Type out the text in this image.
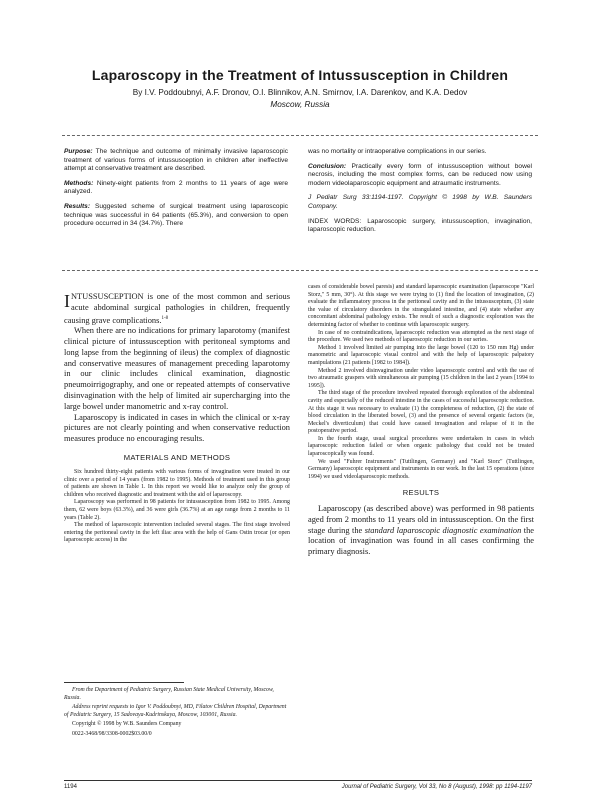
Laparoscopy in the Treatment of Intussusception in Children
By I.V. Poddoubnyi, A.F. Dronov, O.I. Blinnikov, A.N. Smirnov, I.A. Darenkov, and K.A. Dedov
Moscow, Russia

Purpose: The technique and outcome of minimally invasive laparoscopic treatment of various forms of intussusception in children after ineffective attempt at conservative treatment are described.

Methods: Ninety-eight patients from 2 months to 11 years of age were analyzed.

Results: Suggested scheme of surgical treatment using laparoscopic technique was successful in 64 patients (65.3%), and conversion to open procedure occurred in 34 (34.7%). There

was no mortality or intraoperative complications in our series.

Conclusion: Practically every form of intussusception without bowel necrosis, including the most complex forms, can be reduced now using modern videolaparoscopic equipment and atraumatic instruments.

J Pediatr Surg 33:1194-1197. Copyright © 1998 by W.B. Saunders Company.

INDEX WORDS: Laparoscopic surgery, intussusception, invagination, laparoscopic reduction.

INTUSSUSCEPTION is one of the most common and serious acute abdominal surgical pathologies in children, frequently causing grave complications.$^{1-8}$

When there are no indications for primary laparotomy (manifest clinical picture of intussusception with peritoneal symptoms and long lapse from the beginning of ileus) the complex of diagnostic and conservative measures of management preceding laparotomy in our clinic includes clinical examination, diagnostic pneumoirrigography, and one or repeated attempts of conservative disinvagination with the help of limited air supercharging into the large bowel under manometric and x-ray control.

Laparoscopy is indicated in cases in which the clinical or x-ray pictures are not clearly pointing and when conservative reduction measures produce no encouraging results.

MATERIALS AND METHODS

Six hundred thirty-eight patients with various forms of invagination were treated in our clinic over a period of 14 years (from 1982 to 1995). Methods of treatment used in this group of patients are shown in Table 1. In this report we would like to analyze only the group of children who received diagnostic and treatment with the aid of laparoscopy.

Laparoscopy was performed in 98 patients for intussusception from 1982 to 1995. Among them, 62 were boys (63.3%), and 36 were girls (36.7%) at an age range from 2 months to 11 years (Table 2).

The method of laparoscopic intervention included several stages. The first stage involved entering the peritoneal cavity in the left iliac area with the help of Gans Ostin trocar (or open laparoscopic access) in the

From the Department of Pediatric Surgery, Russian State Medical University, Moscow, Russia.

Address reprint requests to Igor V. Poddoubnyi, MD, Filatov Children Hospital, Department of Pediatric Surgery, 15 Sadovaya-Kudrinskaya, Moscow, 103001, Russia.

Copyright © 1998 by W.B. Saunders Company

0022-3468/98/3308-0002$03.00/0

cases of considerable bowel paresis) and standard laparoscopic examination (laparoscope "Karl Storz," 5 mm, 30°). At this stage we were trying to (1) find the location of invagination, (2) evaluate the inflammatory process in the peritoneal cavity and in the intussusceptum, (3) state the value of circulatory disorders in the strangulated intestine, and (4) state whether any concomitant abdominal pathology exists. The result of such a diagnostic exploration was the determining factor of whether to continue with laparoscopic surgery.

In case of no contraindications, laparoscopic reduction was attempted as the next stage of the procedure. We used two methods of laparoscopic reduction in our series.

Method 1 involved limited air pumping into the large bowel (120 to 150 mm Hg) under manometric and laparoscopic visual control and with the help of laparoscopic palpatory manipulations (21 patients [1982 to 1984]).

Method 2 involved disinvagination under video laparoscopic control and with the use of two atraumatic graspers with simultaneous air pumping (15 children in the last 2 years [1994 to 1995]).

The third stage of the procedure involved repeated thorough exploration of the abdominal cavity and especially of the reduced intestine in the cases of successful laparoscopic reduction. At this stage it was necessary to evaluate (1) the completeness of reduction, (2) the state of blood circulation in the liberated bowel, (3) and the presence of several organic factors (ie, Meckel's diverticulum) that could have caused invagination and relapse of it in the postoperative period.

In the fourth stage, usual surgical procedures were undertaken in cases in which laparoscopic reduction failed or when organic pathology that could not be treated laparoscopically was found.

We used "Fuhrer Instruments" (Tuttlingen, Germany) and "Karl Storz" (Tuttlingen, Germany) laparoscopic equipment and instruments in our work. In the last 15 operations (since 1994) we used videolaparoscopic methods.

RESULTS

Laparoscopy (as described above) was performed in 98 patients aged from 2 months to 11 years old in intussusception. On the first stage during the standard laparoscopic diagnostic examination the location of invagination was found in all cases confirming the primary diagnosis.

1194	Journal of Pediatric Surgery, Vol 33, No 8 (August), 1998: pp 1194-1197
